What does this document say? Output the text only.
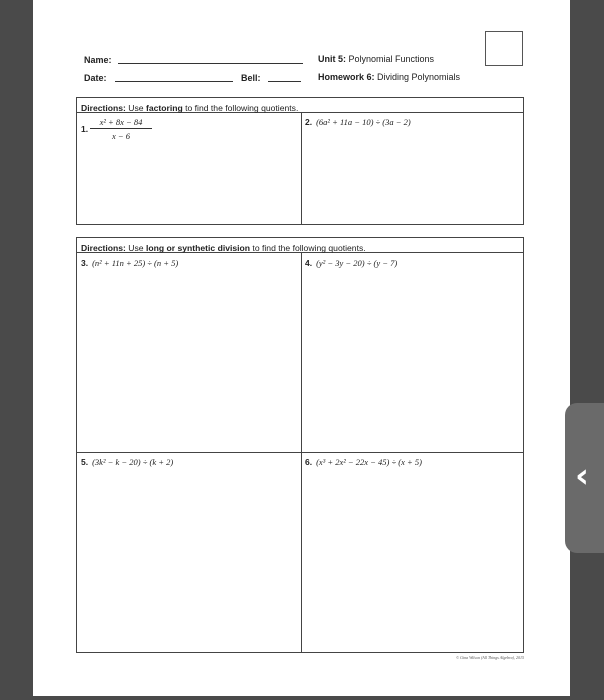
Name:
Date:	Bell:
Unit 5: Polynomial Functions
Homework 6: Dividing Polynomials
Directions: Use factoring to find the following quotients.
1. $\frac{\text{x² + 8x − 84}}{x - 6}$	2. (6a² + 11a − 10) ÷ (3a − 2)
Directions: Use long or synthetic division to find the following quotients.
3. (n² + 11n + 25) ÷ (n + 5)	4. (y² − 3y − 20) ÷ (y − 7)
5. (3k² − k − 20) ÷ (k + 2)	6. (x³ + 2x² − 22x − 45) ÷ (x + 5)
© Gina Wilson (All Things Algebra), 2015
‹
